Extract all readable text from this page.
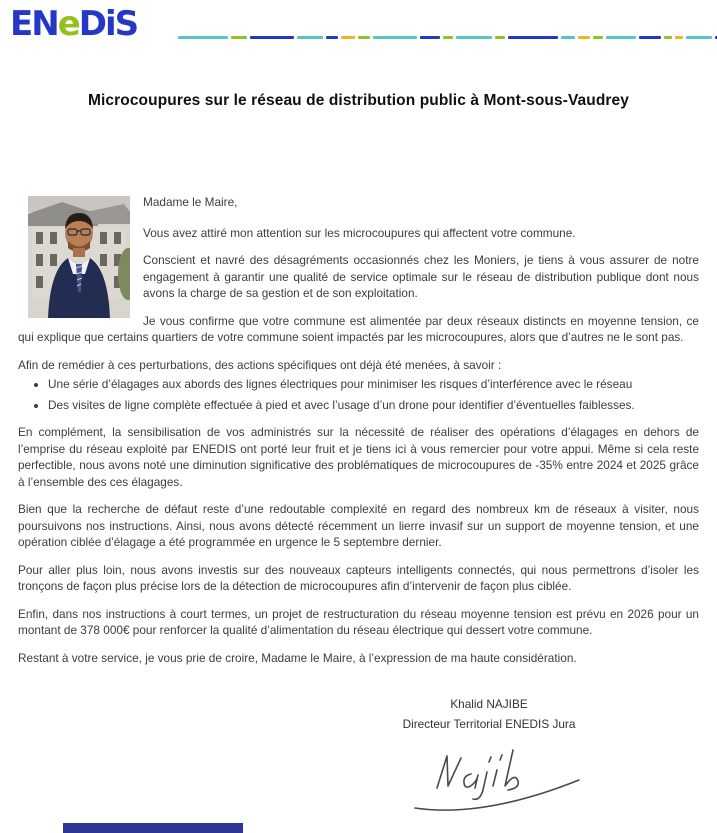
ENeDiS
Microcoupures sur le réseau de distribution public à Mont-sous-Vaudrey

Madame le Maire,

Vous avez attiré mon attention sur les microcoupures qui affectent votre commune.

Conscient et navré des désagréments occasionnés chez les Moniers, je tiens à vous assurer de notre engagement à garantir une qualité de service optimale sur le réseau de distribution publique dont nous avons la charge de sa gestion et de son exploitation.

Je vous confirme que votre commune est alimentée par deux réseaux distincts en moyenne tension, ce qui explique que certains quartiers de votre commune soient impactés par les microcoupures, alors que d’autres ne le sont pas.

Afin de remédier à ces perturbations, des actions spécifiques ont déjà été menées, à savoir :

• Une série d’élagages aux abords des lignes électriques pour minimiser les risques d’interférence avec le réseau
• Des visites de ligne complète effectuée à pied et avec l’usage d’un drone pour identifier d’éventuelles faiblesses.

En complément, la sensibilisation de vos administrés sur la nécessité de réaliser des opérations d’élagages en dehors de l’emprise du réseau exploité par ENEDIS ont porté leur fruit et je tiens ici à vous remercier pour votre appui. Même si cela reste perfectible, nous avons noté une diminution significative des problématiques de microcoupures de -35% entre 2024 et 2025 grâce à l’ensemble des ces élagages.

Bien que la recherche de défaut reste d’une redoutable complexité en regard des nombreux km de réseaux à visiter, nous poursuivons nos instructions. Ainsi, nous avons détecté récemment un lierre invasif sur un support de moyenne tension, et une opération ciblée d’élagage a été programmée en urgence le 5 septembre dernier.

Pour aller plus loin, nous avons investis sur des nouveaux capteurs intelligents connectés, qui nous permettrons d’isoler les tronçons de façon plus précise lors de la détection de microcoupures afin d’intervenir de façon plus ciblée.

Enfin, dans nos instructions à court termes, un projet de restructuration du réseau moyenne tension est prévu en 2026 pour un montant de 378 000€ pour renforcer la qualité d’alimentation du réseau électrique qui dessert votre commune.

Restant à votre service, je vous prie de croire, Madame le Maire, à l’expression de ma haute considération.

Khalid NAJIBE
Directeur Territorial ENEDIS Jura
